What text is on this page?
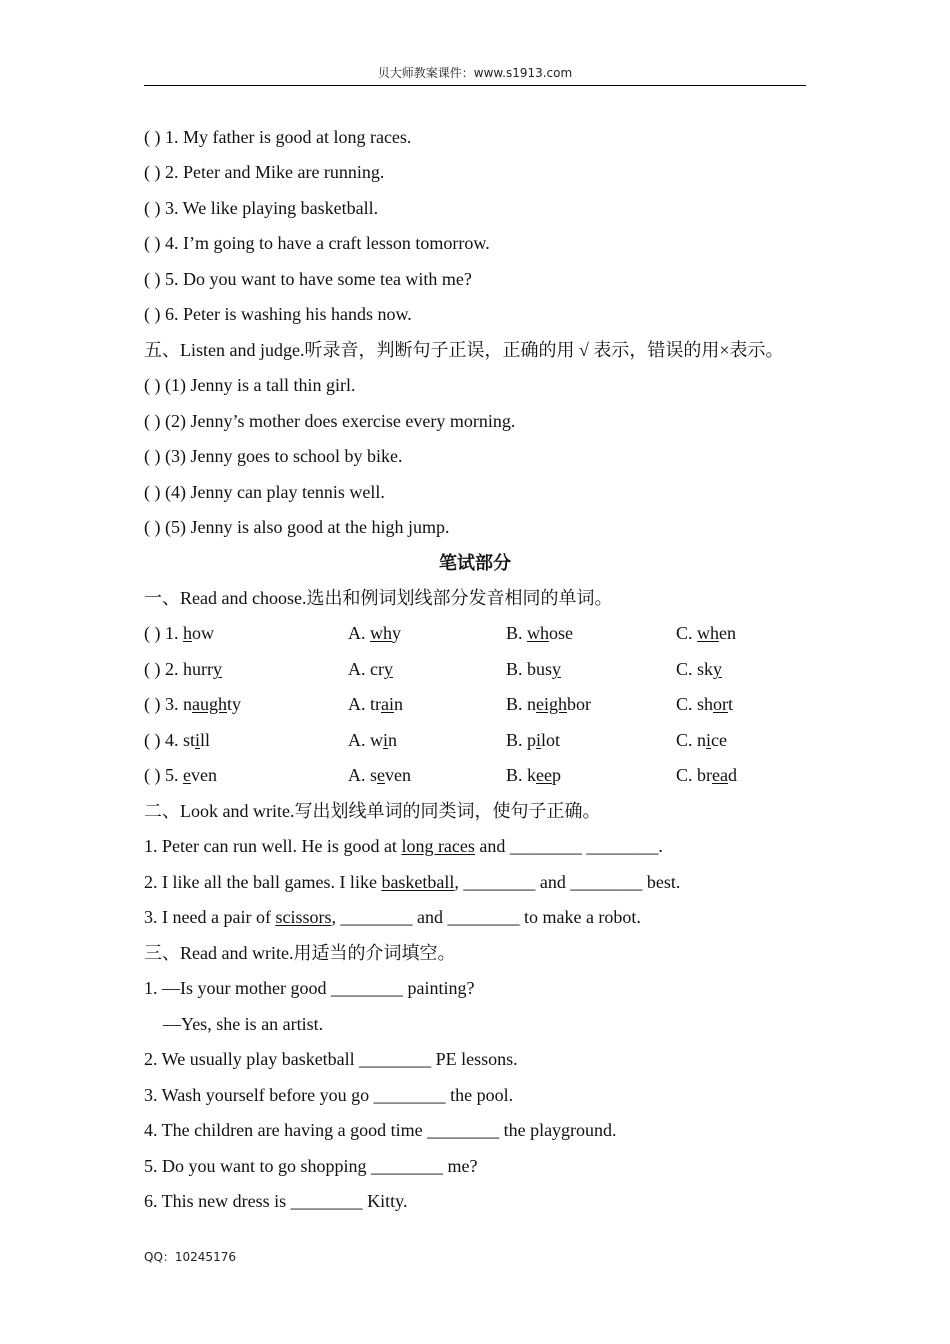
贝大师教案课件：www.s1913.com
( ) 1. My father is good at long races.
( ) 2. Peter and Mike are running.
( ) 3. We like playing basketball.
( ) 4. I’m going to have a craft lesson tomorrow.
( ) 5. Do you want to have some tea with me?
( ) 6. Peter is washing his hands now.
五、Listen and judge.听录音，判断句子正误，正确的用 √ 表示，错误的用×表示。
( ) (1) Jenny is a tall thin girl.
( ) (2) Jenny’s mother does exercise every morning.
( ) (3) Jenny goes to school by bike.
( ) (4) Jenny can play tennis well.
( ) (5) Jenny is also good at the high jump.
笔试部分
一、Read and choose.选出和例词划线部分发音相同的单词。
( ) 1. how	A. why	B. whose	C. when
( ) 2. hurry	A. cry	B. busy	C. sky
( ) 3. naughty	A. train	B. neighbor	C. short
( ) 4. still	A. win	B. pilot	C. nice
( ) 5. even	A. seven	B. keep	C. bread
二、Look and write.写出划线单词的同类词，使句子正确。
1. Peter can run well. He is good at long races and ________ ________.
2. I like all the ball games. I like basketball, ________ and ________ best.
3. I need a pair of scissors, ________ and ________ to make a robot.
三、Read and write.用适当的介词填空。
1. —Is your mother good ________ painting?
—Yes, she is an artist.
2. We usually play basketball ________ PE lessons.
3. Wash yourself before you go ________ the pool.
4. The children are having a good time ________ the playground.
5. Do you want to go shopping ________ me?
6. This new dress is ________ Kitty.
QQ：10245176
